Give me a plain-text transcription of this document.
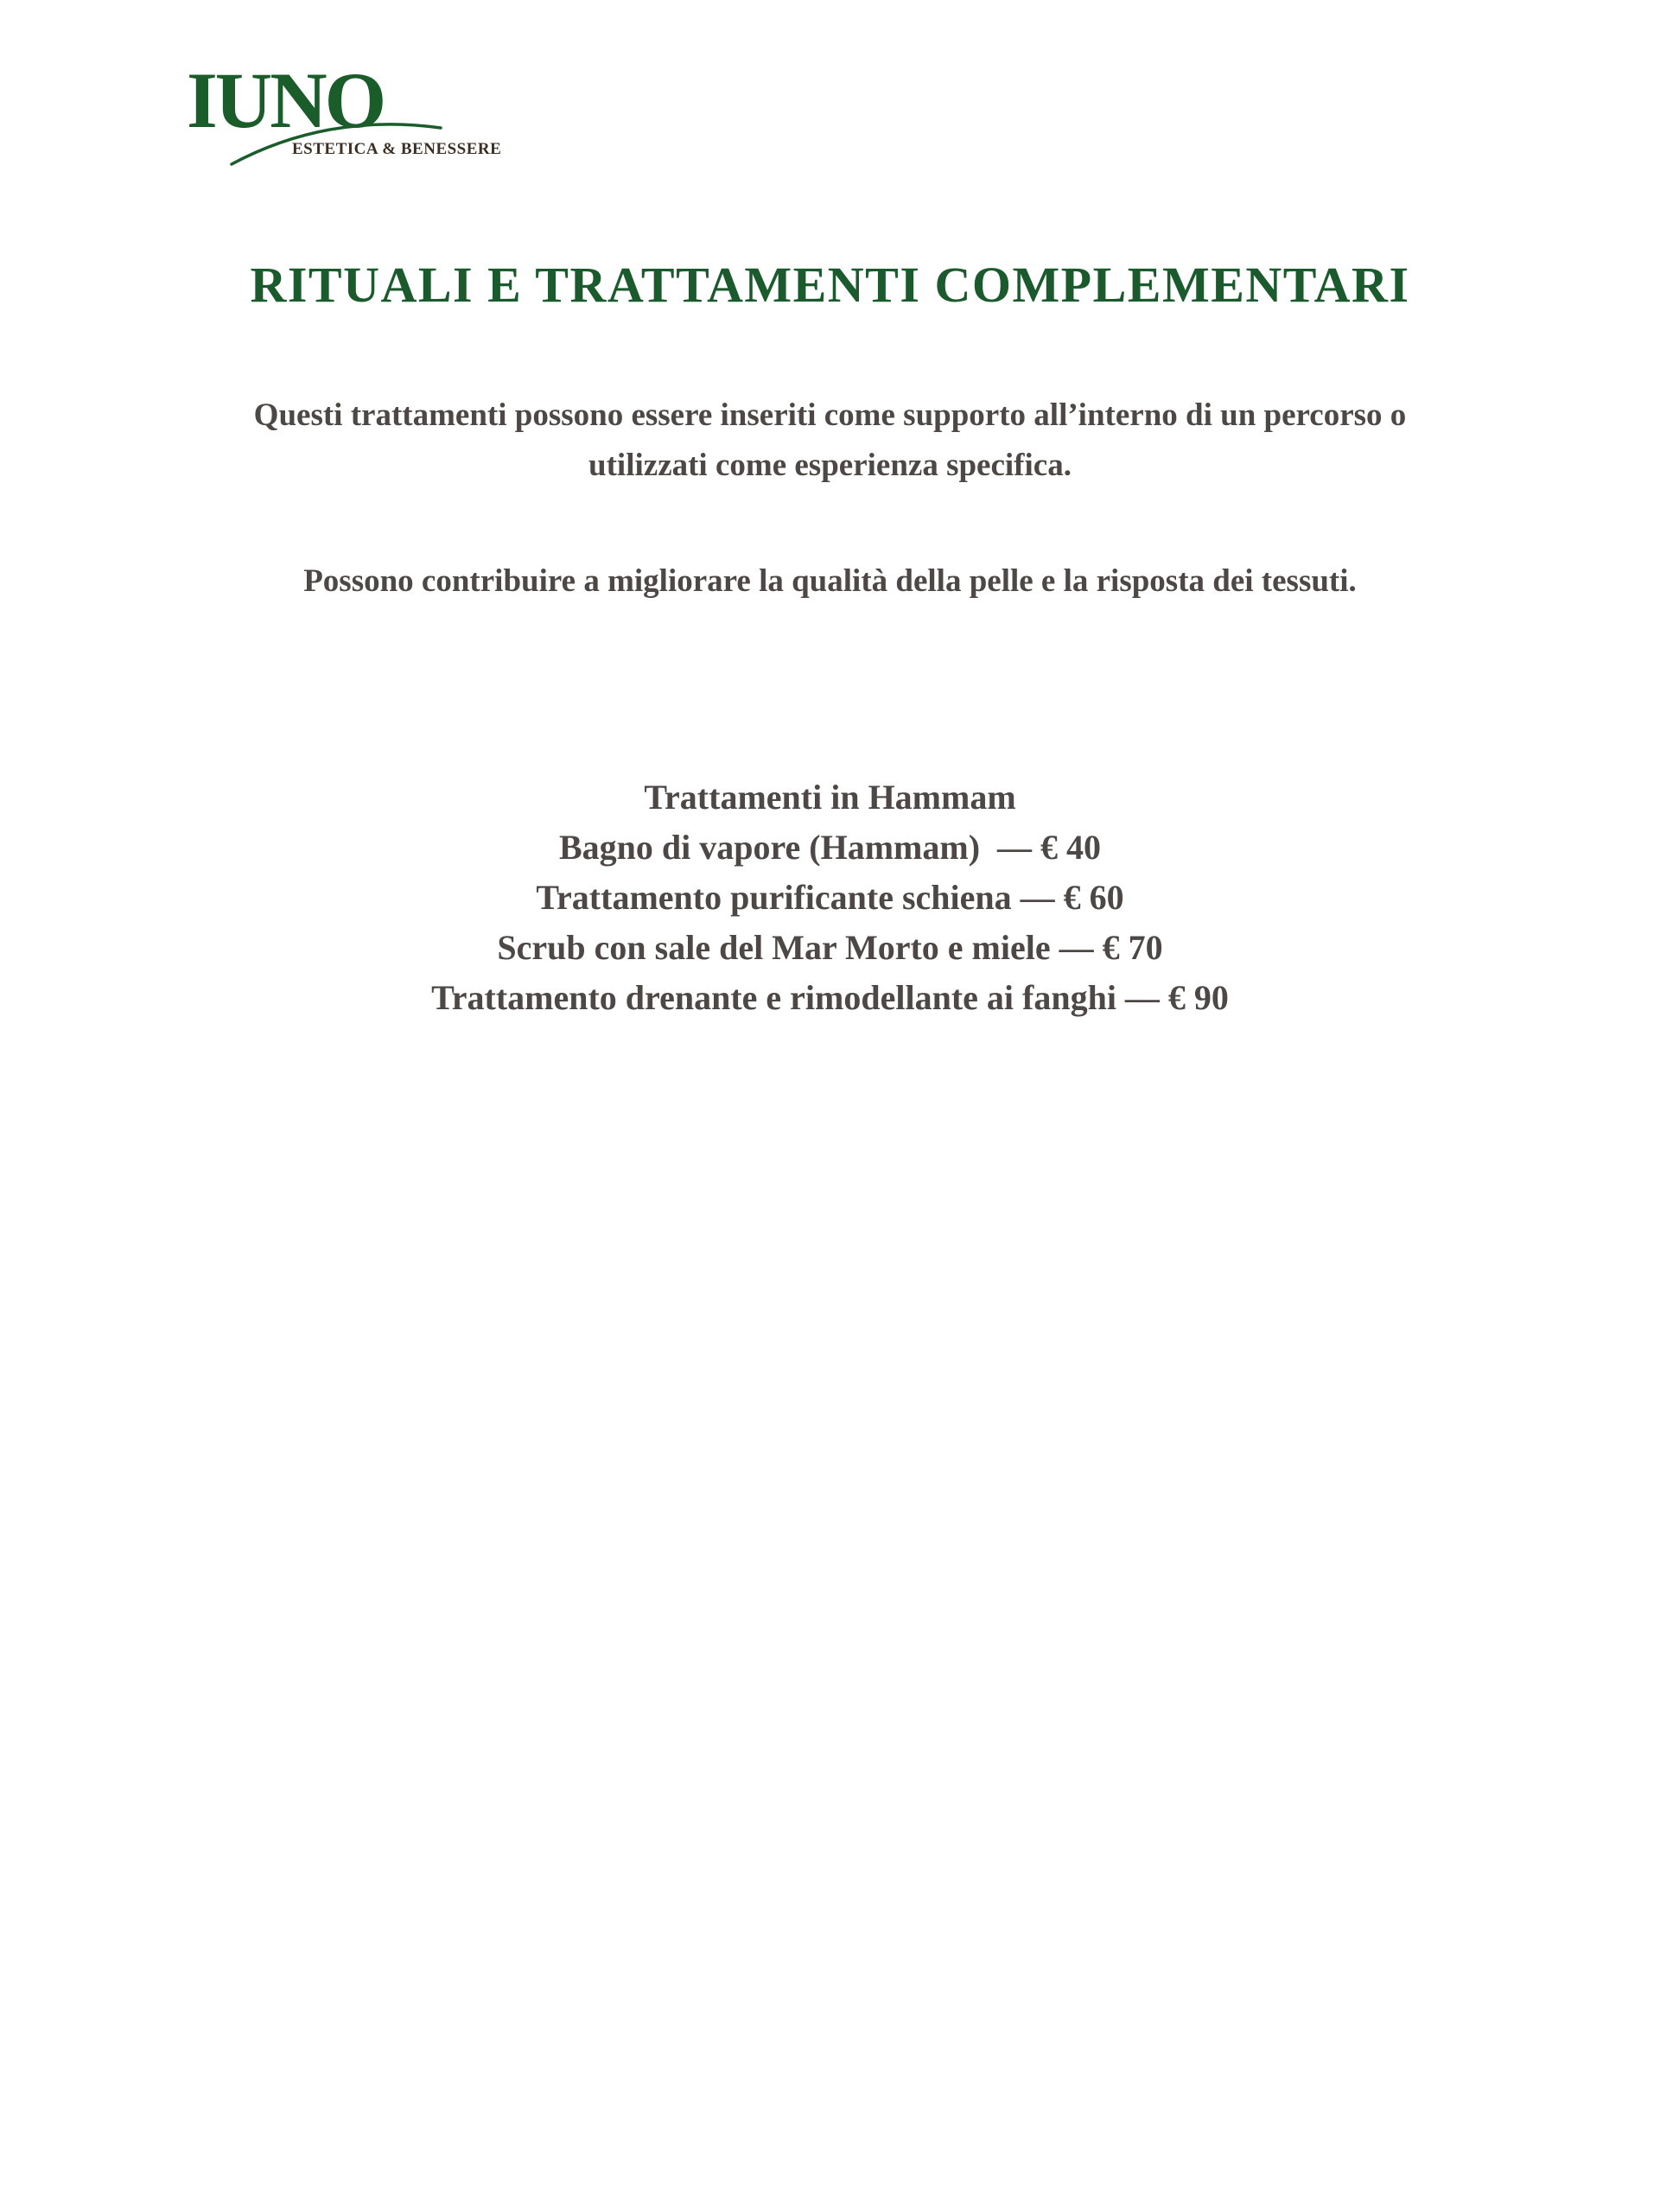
IUNO
ESTETICA & BENESSERE
RITUALI E TRATTAMENTI COMPLEMENTARI

Questi trattamenti possono essere inseriti come supporto all’interno di un percorso o
utilizzati come esperienza specifica.

Possono contribuire a migliorare la qualità della pelle e la risposta dei tessuti.

Trattamenti in Hammam
Bagno di vapore (Hammam)  — € 40
Trattamento purificante schiena — € 60
Scrub con sale del Mar Morto e miele — € 70
Trattamento drenante e rimodellante ai fanghi — € 90
